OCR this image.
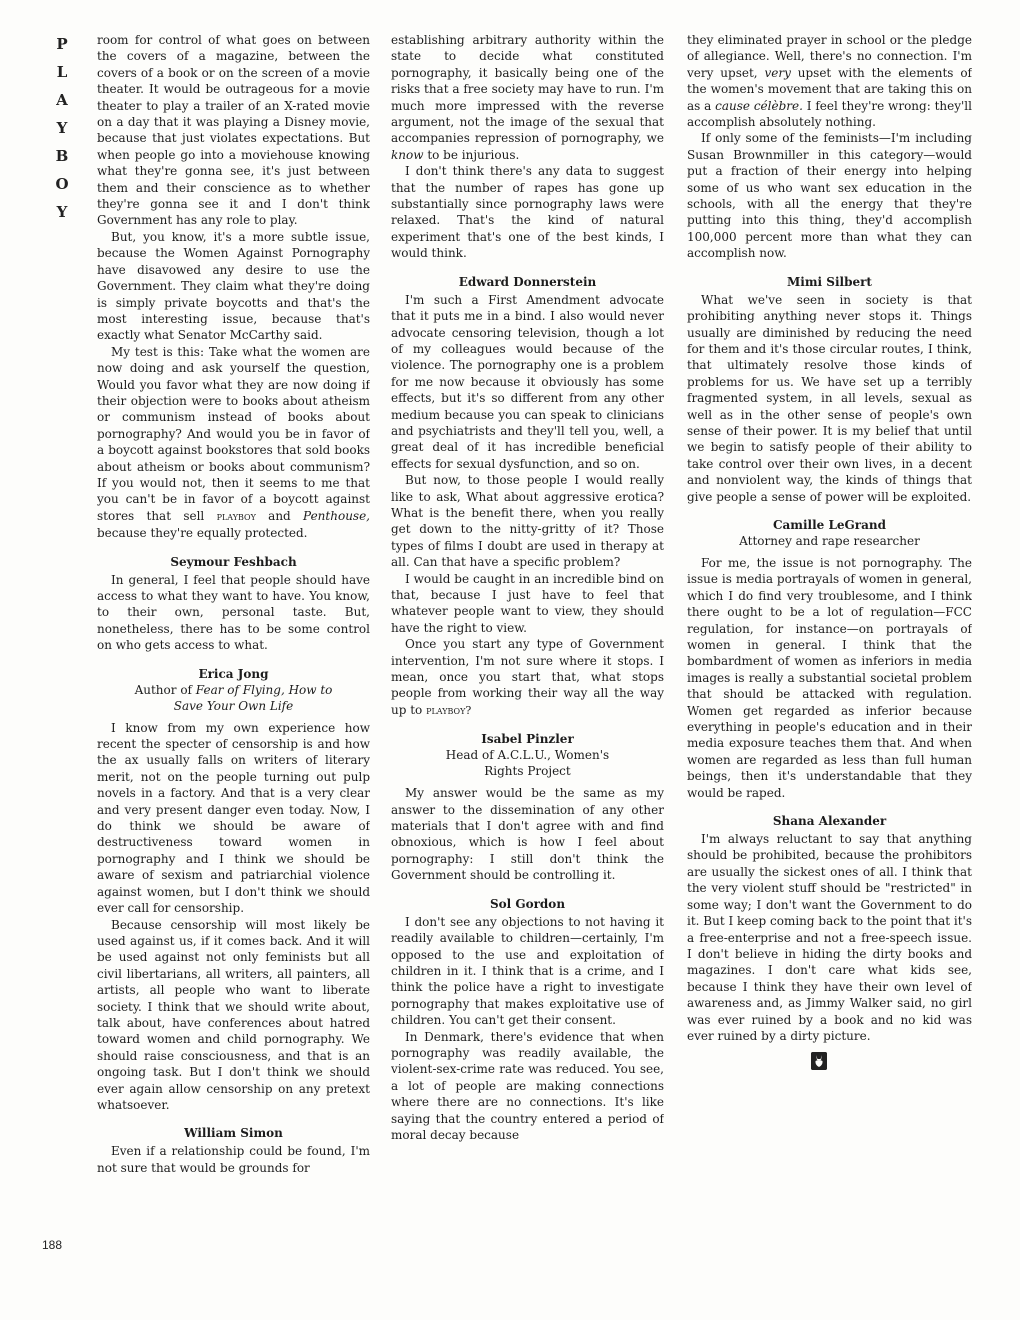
P
L
A
Y
B
O
Y
188

room for control of what goes on between the covers of a magazine, between the covers of a book or on the screen of a movie theater. It would be outrageous for a movie theater to play a trailer of an X-rated movie on a day that it was playing a Disney movie, because that just violates expectations. But when people go into a moviehouse knowing what they're gonna see, it's just between them and their conscience as to whether they're gonna see it and I don't think Government has any role to play.

But, you know, it's a more subtle issue, because the Women Against Pornography have disavowed any desire to use the Government. They claim what they're doing is simply private boycotts and that's the most interesting issue, because that's exactly what Senator McCarthy said.

My test is this: Take what the women are now doing and ask yourself the question, Would you favor what they are now doing if their objection were to books about atheism or communism instead of books about pornography? And would you be in favor of a boycott against bookstores that sold books about atheism or books about communism? If you would not, then it seems to me that you can't be in favor of a boycott against stores that sell playboy and Penthouse, because they're equally protected.

Seymour Feshbach

In general, I feel that people should have access to what they want to have. You know, to their own, personal taste. But, nonetheless, there has to be some control on who gets access to what.

Erica Jong
Author of Fear of Flying, How to
Save Your Own Life

I know from my own experience how recent the specter of censorship is and how the ax usually falls on writers of literary merit, not on the people turning out pulp novels in a factory. And that is a very clear and very present danger even today. Now, I do think we should be aware of destructiveness toward women in pornography and I think we should be aware of sexism and patriarchial violence against women, but I don't think we should ever call for censorship.

Because censorship will most likely be used against us, if it comes back. And it will be used against not only feminists but all civil libertarians, all writers, all painters, all artists, all people who want to liberate society. I think that we should write about, talk about, have conferences about hatred toward women and child pornography. We should raise consciousness, and that is an ongoing task. But I don't think we should ever again allow censorship on any pretext whatsoever.

William Simon

Even if a relationship could be found, I'm not sure that would be grounds for

establishing arbitrary authority within the state to decide what constituted pornography, it basically being one of the risks that a free society may have to run. I'm much more impressed with the reverse argument, not the image of the sexual that accompanies repression of pornography, we know to be injurious.

I don't think there's any data to suggest that the number of rapes has gone up substantially since pornography laws were relaxed. That's the kind of natural experiment that's one of the best kinds, I would think.

Edward Donnerstein

I'm such a First Amendment advocate that it puts me in a bind. I also would never advocate censoring television, though a lot of my colleagues would because of the violence. The pornography one is a problem for me now because it obviously has some effects, but it's so different from any other medium because you can speak to clinicians and psychiatrists and they'll tell you, well, a great deal of it has incredible beneficial effects for sexual dysfunction, and so on.

But now, to those people I would really like to ask, What about aggressive erotica? What is the benefit there, when you really get down to the nitty-gritty of it? Those types of films I doubt are used in therapy at all. Can that have a specific problem?

I would be caught in an incredible bind on that, because I just have to feel that whatever people want to view, they should have the right to view.

Once you start any type of Government intervention, I'm not sure where it stops. I mean, once you start that, what stops people from working their way all the way up to playboy?

Isabel Pinzler
Head of A.C.L.U., Women's
Rights Project

My answer would be the same as my answer to the dissemination of any other materials that I don't agree with and find obnoxious, which is how I feel about pornography: I still don't think the Government should be controlling it.

Sol Gordon

I don't see any objections to not having it readily available to children—certainly, I'm opposed to the use and exploitation of children in it. I think that is a crime, and I think the police have a right to investigate pornography that makes exploitative use of children. You can't get their consent.

In Denmark, there's evidence that when pornography was readily available, the violent-sex-crime rate was reduced. You see, a lot of people are making connections where there are no connections. It's like saying that the country entered a period of moral decay because

they eliminated prayer in school or the pledge of allegiance. Well, there's no connection. I'm very upset, very upset with the elements of the women's movement that are taking this on as a cause célèbre. I feel they're wrong: they'll accomplish absolutely nothing.

If only some of the feminists—I'm including Susan Brownmiller in this category—would put a fraction of their energy into helping some of us who want sex education in the schools, with all the energy that they're putting into this thing, they'd accomplish 100,000 percent more than what they can accomplish now.

Mimi Silbert

What we've seen in society is that prohibiting anything never stops it. Things usually are diminished by reducing the need for them and it's those circular routes, I think, that ultimately resolve those kinds of problems for us. We have set up a terribly fragmented system, in all levels, sexual as well as in the other sense of people's own sense of their power. It is my belief that until we begin to satisfy people of their ability to take control over their own lives, in a decent and nonviolent way, the kinds of things that give people a sense of power will be exploited.

Camille LeGrand
Attorney and rape researcher

For me, the issue is not pornography. The issue is media portrayals of women in general, which I do find very troublesome, and I think there ought to be a lot of regulation—FCC regulation, for instance—on portrayals of women in general. I think that the bombardment of women as inferiors in media images is really a substantial societal problem that should be attacked with regulation. Women get regarded as inferior because everything in people's education and in their media exposure teaches them that. And when women are regarded as less than full human beings, then it's understandable that they would be raped.

Shana Alexander

I'm always reluctant to say that anything should be prohibited, because the prohibitors are usually the sickest ones of all. I think that the very violent stuff should be "restricted" in some way; I don't want the Government to do it. But I keep coming back to the point that it's a free-enterprise and not a free-speech issue. I don't believe in hiding the dirty books and magazines. I don't care what kids see, because I think they have their own level of awareness and, as Jimmy Walker said, no girl was ever ruined by a book and no kid was ever ruined by a dirty picture.
